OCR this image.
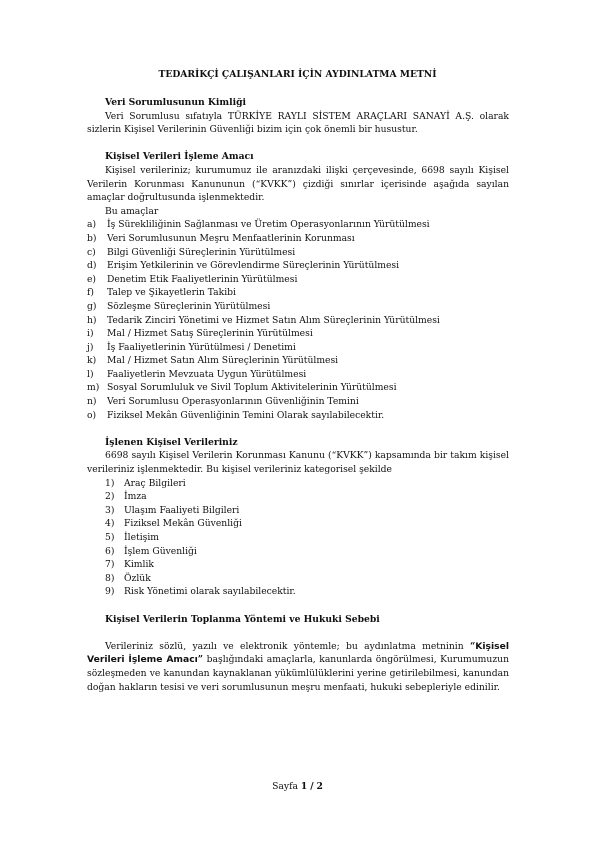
TEDARİKÇİ ÇALIŞANLARI İÇİN AYDINLATMA METNİ

Veri Sorumlusunun Kimliği

Veri Sorumlusu sıfatıyla TÜRKİYE RAYLI SİSTEM ARAÇLARI SANAYİ A.Ş. olarak sizlerin Kişisel Verilerinin Güvenliği bizim için çok önemli bir husustur.

Kişisel Verileri İşleme Amacı

Kişisel verileriniz; kurumumuz ile aranızdaki ilişki çerçevesinde, 6698 sayılı Kişisel Verilerin Korunması Kanununun (“KVKK”) çizdiği sınırlar içerisinde aşağıda sayılan amaçlar doğrultusunda işlenmektedir.

Bu amaçlar

a) İş Sürekliliğinin Sağlanması ve Üretim Operasyonlarının Yürütülmesi
b) Veri Sorumlusunun Meşru Menfaatlerinin Korunması
c) Bilgi Güvenliği Süreçlerinin Yürütülmesi
d) Erişim Yetkilerinin ve Görevlendirme Süreçlerinin Yürütülmesi
e) Denetim Etik Faaliyetlerinin Yürütülmesi
f) Talep ve Şikayetlerin Takibi
g) Sözleşme Süreçlerinin Yürütülmesi
h) Tedarik Zinciri Yönetimi ve Hizmet Satın Alım Süreçlerinin Yürütülmesi
i) Mal / Hizmet Satış Süreçlerinin Yürütülmesi
j) İş Faaliyetlerinin Yürütülmesi / Denetimi
k) Mal / Hizmet Satın Alım Süreçlerinin Yürütülmesi
l) Faaliyetlerin Mevzuata Uygun Yürütülmesi
m) Sosyal Sorumluluk ve Sivil Toplum Aktivitelerinin Yürütülmesi
n) Veri Sorumlusu Operasyonlarının Güvenliğinin Temini
o) Fiziksel Mekân Güvenliğinin Temini Olarak sayılabilecektir.

İşlenen Kişisel Verileriniz

6698 sayılı Kişisel Verilerin Korunması Kanunu (“KVKK”) kapsamında bir takım kişisel verileriniz işlenmektedir. Bu kişisel verileriniz kategorisel şekilde

1) Araç Bilgileri
2) İmza
3) Ulaşım Faaliyeti Bilgileri
4) Fiziksel Mekân Güvenliği
5) İletişim
6) İşlem Güvenliği
7) Kimlik
8) Özlük
9) Risk Yönetimi olarak sayılabilecektir.

Kişisel Verilerin Toplanma Yöntemi ve Hukuki Sebebi

Verileriniz sözlü, yazılı ve elektronik yöntemle; bu aydınlatma metninin “Kişisel Verileri İşleme Amacı” başlığındaki amaçlarla, kanunlarda öngörülmesi, Kurumumuzun sözleşmeden ve kanundan kaynaklanan yükümlülüklerini yerine getirilebilmesi, kanundan doğan hakların tesisi ve veri sorumlusunun meşru menfaati, hukuki sebepleriyle edinilir.

Sayfa 1 / 2
